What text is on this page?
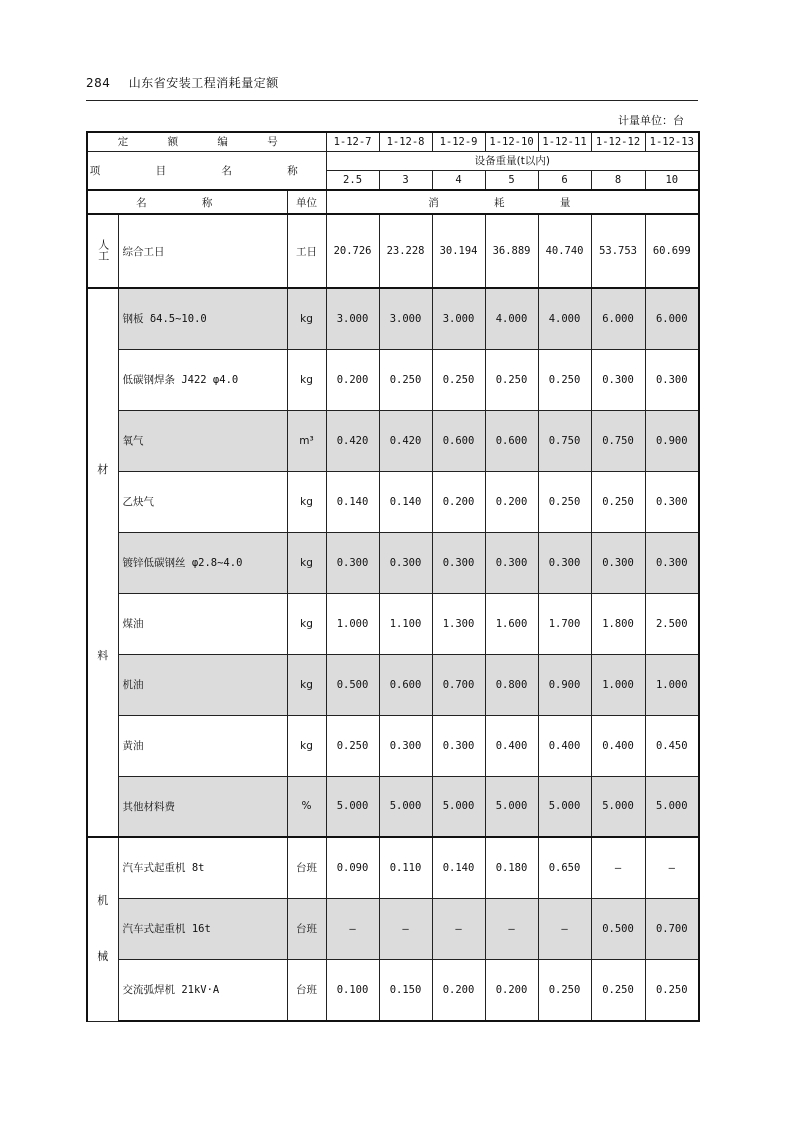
284 山东省安装工程消耗量定额
计量单位：台
定 额 编 号			1-12-7	1-12-8	1-12-9	1-12-10	1-12-11	1-12-12	1-12-13
项 目 名 称			设备重量(t以内)						
			2.5	3	4	5	6	8	10
名 称		单位	消 耗 量						
人工	综合工日	工日	20.726	23.228	30.194	36.889	40.740	53.753	60.699

材
料	钢板 δ4.5~10.0	kg	3.000	3.000	3.000	4.000	4.000	6.000	6.000
	低碳钢焊条 J422 φ4.0	kg	0.200	0.250	0.250	0.250	0.250	0.300	0.300
	氧气	m³	0.420	0.420	0.600	0.600	0.750	0.750	0.900
	乙炔气	kg	0.140	0.140	0.200	0.200	0.250	0.250	0.300
	镀锌低碳钢丝 φ2.8~4.0	kg	0.300	0.300	0.300	0.300	0.300	0.300	0.300
	煤油	kg	1.000	1.100	1.300	1.600	1.700	1.800	2.500
	机油	kg	0.500	0.600	0.700	0.800	0.900	1.000	1.000
	黄油	kg	0.250	0.300	0.300	0.400	0.400	0.400	0.450
	其他材料费	%	5.000	5.000	5.000	5.000	5.000	5.000	5.000

机
械	汽车式起重机 8t	台班	0.090	0.110	0.140	0.180	0.650	—	—
	汽车式起重机 16t	台班	—	—	—	—	—	0.500	0.700
	交流弧焊机 21kV·A	台班	0.100	0.150	0.200	0.200	0.250	0.250	0.250
